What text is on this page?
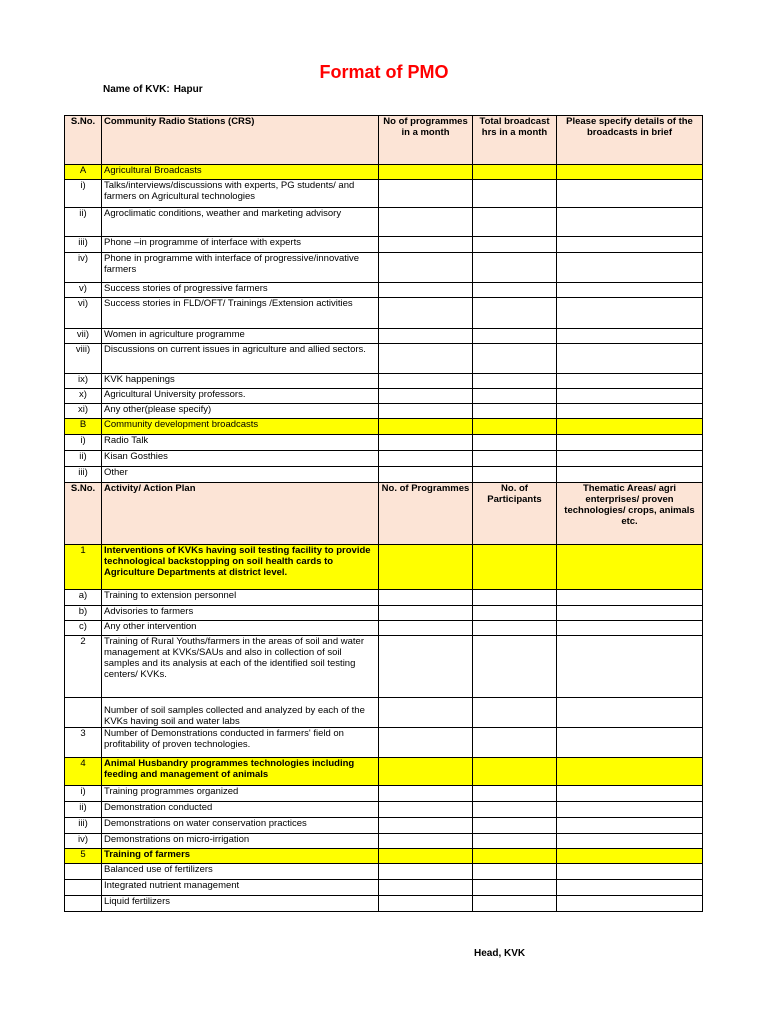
Format of PMO
Name of KVK: Hapur
S.No.	Community Radio Stations (CRS)	No of programmes in a month	Total broadcast hrs in a month	Please specify details of the broadcasts in brief
A	Agricultural Broadcasts			
i)	Talks/interviews/discussions with experts, PG students/ and farmers on Agricultural technologies			
ii)	Agroclimatic conditions, weather and marketing advisory			
iii)	Phone –in programme of interface with experts			
iv)	Phone in programme with interface of progressive/innovative farmers			
v)	Success stories of progressive farmers			
vi)	Success stories in FLD/OFT/ Trainings /Extension activities			
vii)	Women in agriculture programme			
viii)	Discussions on current issues in agriculture and allied sectors.			
ix)	KVK happenings			
x)	Agricultural University professors.			
xi)	Any other(please specify)			
B	Community development broadcasts			
i)	Radio Talk			
ii)	Kisan Gosthies			
iii)	Other			
S.No.	Activity/ Action Plan	No. of Programmes	No. of Participants	Thematic Areas/ agri enterprises/ proven technologies/ crops, animals etc.
1	Interventions of KVKs having soil testing facility to provide technological backstopping on soil health cards to Agriculture Departments at district level.			
a)	Training to extension personnel			
b)	Advisories to farmers			
c)	Any other intervention			
2	Training of Rural Youths/farmers in the areas of soil and water management at KVKs/SAUs and also in collection of soil samples and its analysis at each of the identified soil testing centers/ KVKs.			
	Number of soil samples collected and analyzed by each of the KVKs having soil and water labs			
3	Number of Demonstrations conducted in farmers' field on profitability of proven technologies.			
4	Animal Husbandry programmes technologies including feeding and management of animals			
i)	Training programmes organized			
ii)	Demonstration conducted			
iii)	Demonstrations on water conservation practices			
iv)	Demonstrations on micro-irrigation			
5	Training of farmers			
	Balanced use of fertilizers			
	Integrated nutrient management			
	Liquid fertilizers			
Head, KVK
